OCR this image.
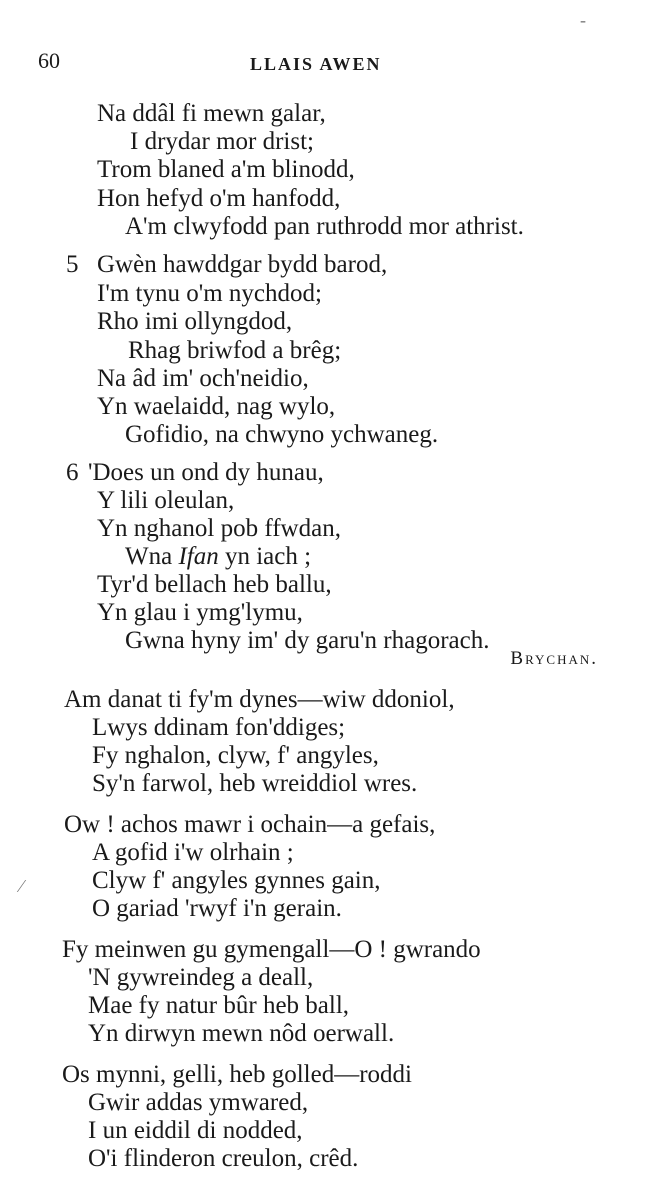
60	LLAIS AWEN
Na ddâl fi mewn galar,
I drydar mor drist;
Trom blaned a'm blinodd,
Hon hefyd o'm hanfodd,
A'm clwyfodd pan ruthrodd mor athrist.
5 Gwèn hawddgar bydd barod,
I'm tynu o'm nychdod;
Rho imi ollyngdod,
Rhag briwfod a brêg;
Na âd im' och'neidio,
Yn waelaidd, nag wylo,
Gofidio, na chwyno ychwaneg.
6 'Does un ond dy hunau,
Y lili oleulan,
Yn nghanol pob ffwdan,
Wna Ifan yn iach ;
Tyr'd bellach heb ballu,
Yn glau i ymg'lymu,
Gwna hyny im' dy garu'n rhagorach.
Brychan.
Am danat ti fy'm dynes—wiw ddoniol,
Lwys ddinam fon'ddiges;
Fy nghalon, clyw, f' angyles,
Sy'n farwol, heb wreiddiol wres.
Ow ! achos mawr i ochain—a gefais,
A gofid i'w olrhain ;
Clyw f' angyles gynnes gain,
O gariad 'rwyf i'n gerain.
Fy meinwen gu gymengall—O ! gwrando
'N gywreindeg a deall,
Mae fy natur bûr heb ball,
Yn dirwyn mewn nôd oerwall.
Os mynni, gelli, heb golled—roddi
Gwir addas ymwared,
I un eiddil di nodded,
O'i flinderon creulon, crêd.
⁄
-
